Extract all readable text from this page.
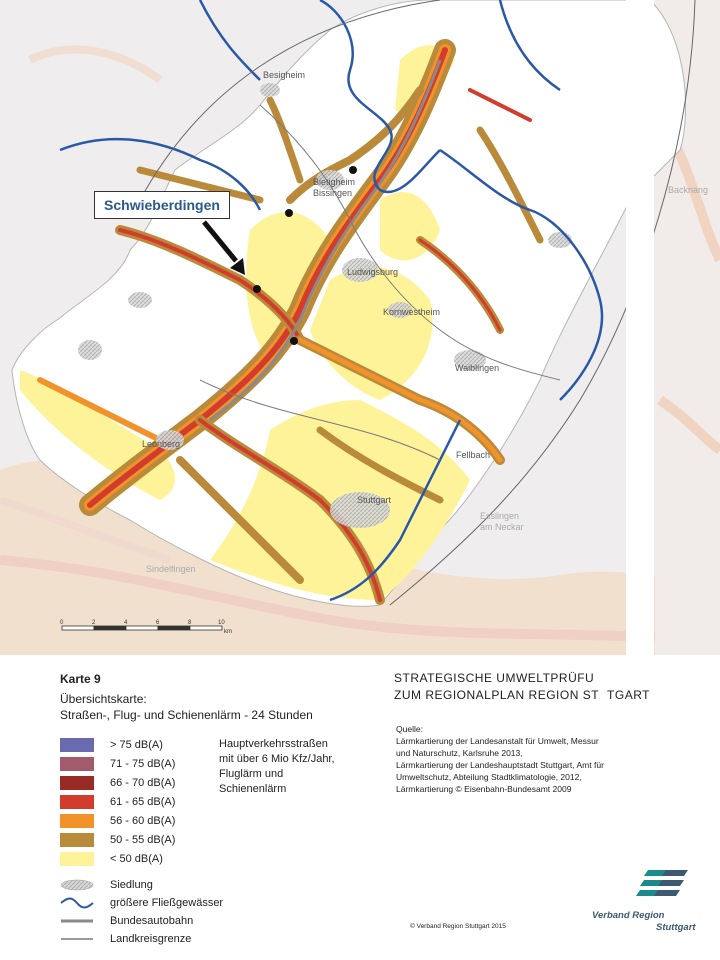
Besigheim
Bietigheim
Bissingen
Ludwigsburg
Kornwestheim
Waiblingen
Fellbach
Stuttgart
Leonberg
Sindelfingen
Esslingen
am Neckar
Backnang
Schwieberdingen
0	2	4	6	8	10
km
Karte 9
Übersichtskarte:
Straßen-, Flug- und Schienenlärm - 24 Stunden
> 75 dB(A)
71 - 75 dB(A)
66 - 70 dB(A)
61 - 65 dB(A)
56 - 60 dB(A)
50 - 55 dB(A)
< 50 dB(A)
Hauptverkehrsstraßen
mit über 6 Mio Kfz/Jahr,
Fluglärm und
Schienenlärm
Siedlung
größere Fließgewässer
Bundesautobahn
Landkreisgrenze
STRATEGISCHE UMWELTPRÜFU
ZUM REGIONALPLAN REGION ST TGART
Quelle:
Lärmkartierung der Landesanstalt für Umwelt, Messur
und Naturschutz, Karlsruhe 2013,
Lärmkartierung der Landeshauptstadt Stuttgart, Amt für
Umweltschutz, Abteilung Stadtklimatologie, 2012,
Lärmkartierung © Eisenbahn-Bundesamt 2009
© Verband Region Stuttgart 2015
Verband Region
Stuttgart
